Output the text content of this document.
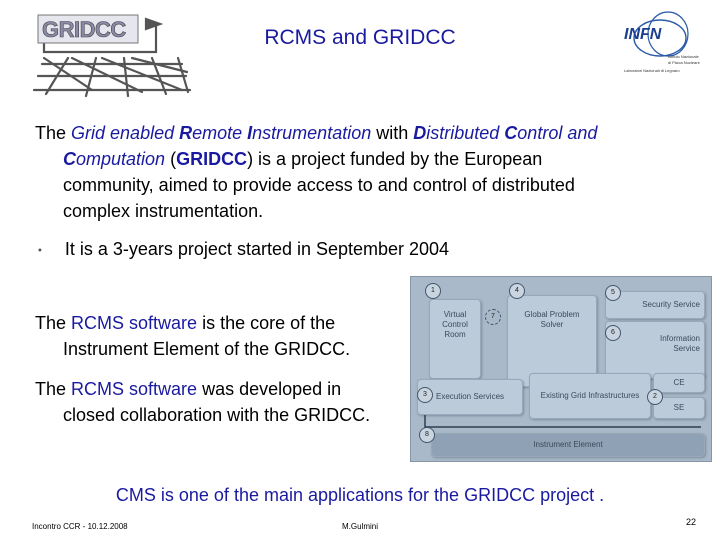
GRIDCC	RCMS and GRIDCC	INFN
Istituto Nazionale
di Fisica Nucleare
Laboratori Nazionali di Legnaro
The Grid enabled Remote Instrumentation with Distributed Control and
Computation (GRIDCC) is a project funded by the European
community, aimed to provide access to and control of distributed
complex instrumentation.
• It is a 3-years project started in September 2004
The RCMS software is the core of the
Instrument Element of the GRIDCC.
The RCMS software was developed in
closed collaboration with the GRIDCC.
Virtual
Control
Room
Global Problem
Solver
Security Service
Information
Service
Execution Services	Existing Grid Infrastructures
CE
SE
Instrument Element
1	4	5
7
6
3	2
8
CMS is one of the main applications for the GRIDCC project .
Incontro CCR - 10.12.2008	M.Gulmini	22
